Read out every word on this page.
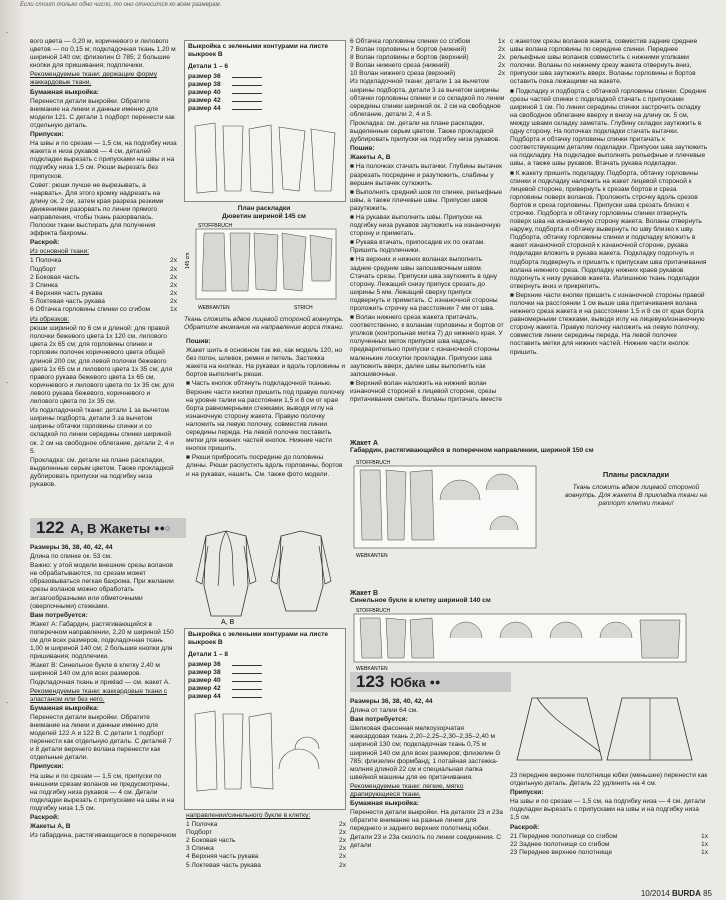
-
-
-
Если стоит только одно число, то оно относится ко всем размерам.

вого цвета — 0,20 м, коричневого и лилового цветов — по 0,15 м; подкладочная ткань 1,20 м шириной 140 см; флизелин G 785; 2 большие кнопки для пришивания; подплечики.

Рекомендуемые ткани: держащие форму жаккардовые ткани.

Бумажная выкройка:

Перенести детали выкройки. Обратите внимание на линии и данные именно для модели 121. С детали 1 подборт перенести как отдельную деталь.

Припуски:

На швы и по срезам — 1,5 см, на подгибку низа жакета и низа рукавов — 4 см, деталей подкладки вырезать с припусками на швы и на подгибку низа 1,5 см. Рюши вырезать без припусков.

Совет: рюши лучше не вырезывать, а «нарвать». Для этого кромку надрезать на длину ок. 2 см, затем края разреза резкими движениями разорвать по линии прямого направления, чтобы ткань разорвалась. Полоски ткани выстирать для получения эффекта бахромы.

Раскрой:

Из основной ткани:

1 Полочка	2x
Подборт	2x
2 Боковая часть	2x
3 Спинка	2x
4 Верхняя часть рукава	2x
5 Локтевая часть рукава	2x
6 Обтачка горловины спинки со сгибом	1x

Из обрезков:

рюши шириной по 6 см и длиной: для правой полочки бежевого цвета 1x 120 см, лилового цвета 2x 65 см; для горловины спинки и горловин полочек коричневого цвета общей длиной 200 см; для левой полочки бежевого цвета 1x 65 см и лилового цвета 1x 35 см; для правого рукава бежевого цвета 1x 65 см, коричневого и лилового цвета по 1x 35 см; для левого рукава бежевого, коричневого и лилового цвета по 1x 35 см.

Из подкладочной ткани: детали 1 за вычетом ширины подборта, детали 3 за вычетом ширины обтачки горловины спинки и со складкой по линии середины спинки шириной ок. 2 см на свободное облегание, детали 2, 4 и 5.

Прокладка: см. детали на плане раскладки, выделенные серым цветом. Также прокладкой дублировать припуски на подгибку низа рукавов.

122 А, В Жакеты ●●○
А, В

Размеры 36, 38, 40, 42, 44

Длина по спинке ок. 53 см.

Важно: у этой модели внешние срезы воланов не обрабатываются, по срезам может образовываться легкая бахрома. При желании срезы воланов можно обработать зигзагообразными или обметочными (оверлочными) стежками.

Вам потребуется:

Жакет А: Габардин, растягивающийся в поперечном направлении, 2,20 м шириной 150 см для всех размеров, подкладочная ткань 1,00 м шириной 140 см; 2 большие кнопки для пришивания; подплечики.

Жакет В: Синельное букле в клетку 2,40 м шириной 140 см для всех размеров. Подкладочная ткань и прикład — см. жакет А.

Рекомендуемые ткани: жаккардовые ткани с эластаном или без него.

Бумажная выкройка:

Перенести детали выкройки. Обратите внимание на линии и данные именно для моделей 122 А и 122 В. С детали 1 подборт перенести как отдельную деталь. С деталей 7 и 8 детали верхнего волана перенести как отдельные детали.

Припуски:

На швы и по срезам — 1,5 см, припуски по внешним срезам воланов не предусмотрены, на подгибку низа рукавов — 4 см. Детали подкладки вырезать с припусками на швы и на подгибку низа 1,5 см.

Раскрой:

Жакеты А, В

Из габардина, растягивающегося в поперечном

Выкройка с зелеными контурами на листе выкроек В
Детали 1 – 6
размер 36
размер 38
размер 40
размер 42
размер 44
План раскладки
Дюветин шириной 145 см
STOFFBRUCH
WEBKANTEN	STRICH
145 cm
Ткань сложить вдвое лицевой стороной вовнутрь. Обратите внимание на направление ворса ткани.

Пошив:

Жакет шить в основном так же, как модель 120, но без погон, шлевок, ремня и петель. Застежка жакета на кнопках. На рукавах и вдоль горловины и бортов выполнить рюши.

■ Часть кнопок обтянуть подкладочной тканью. Верхние части кнопки пришить под правую полочку на уровне талии на расстоянии 1,5 и 8 см от края борта равномерными стежками, выводя иглу на изнаночную сторону жакета. Правую полочку наложить на левую полочку, совместив линии середины переда. На левой полочке поставить метки для нижних частей кнопок. Нижние части кнопок пришить.

■ Рюши прибросить посредине до половины длины. Рюши распустить вдоль горловины, бортов и на рукавах, нашить. См. также фото модели.

Выкройка с зелеными контурами на листе выкроек В
Детали 1 – 8
размер 36
размер 38
размер 40
размер 42
размер 44

направлении/синельного букле в клетку:

1 Полочка	2x
Подборт	2x
2 Боковая часть	2x
3 Спинка	2x
4 Верхняя часть рукава	2x
5 Локтевая часть рукава	2x
6 Обтачка горловины спинки со сгибом	1x
7 Волан горловины и бортов (нижний)	2x
8 Волан горловины и бортов (верхний)	2x
9 Волан нижнего среза (нижний)	2x
10 Волан нижнего среза (верхний)	2x

Из подкладочной ткани: детали 1 за вычетом ширины подборта, детали 3 за вычетом ширины обтачки горловины спинки и со складкой по линии середины спинки шириной ок. 2 см на свободное облегание, детали 2, 4 и 5.

Прокладка: см. детали на плане раскладки, выделенные серым цветом. Также прокладкой дублировать припуски на подгибку низа рукавов.

Пошив:

Жакеты А, В

■ На полочках стачать вытачки. Глубины вытачек разрезать посредине и разутюжить, слабины у вершин вытачек сутюжить.

■ Выполнить средний шов по спинке, рельефные швы, а также плечевые швы. Припуски швов разутюжить.

■ На рукавах выполнить швы. Припуски на подгибку низа рукавов заутюжить на изнаночную сторону и приметать.

■ Рукава втачать, припосадив их по окатам. Пришить подплечники.

■ На верхних и нижних воланах выполнить задние средние швы запошивочным швом. Стачать срезы. Припуски шва заутюжить в одну сторону. Лежащий снизу припуск срезать до ширины 5 мм. Лежащий сверху припуск подвернуть и приметать. С изнаночной стороны проложить строчку на расстоянии 7 мм от шва.

■ Волан нижнего среза жакета притачать, соответственно, к воланам горловины и бортов от уголков (контрольная метка 7) до нижнего края. У полученных меток припуски шва надсечь, предварительно припуски с изнаночной стороны маленькие лоскутки прокладки. Припуски шва заутюжить вверх, далее швы выполнить как запошивочные.

■ Верхний волан наложить на нижний волан изнаночной стороной к лицевой стороне, срезы притачивания сметать. Воланы притачать вместе

с жакетом срезы воланов жакета, совместив задние средние швы волана горловины по середине спинки. Переднее рельефные швы воланов совместить с нижними уголками полочки. Воланы по нижнему срезу жакета отвернуть вниз, припуски шва заутюжить вверх. Воланы горловины и бортов оставить пока лежащими на жакете.

■ Подкладку и подборта с обтачкой горловины спинки. Средние срезы частей спинки с подкладкой стачать с припусками шириной 1 см. По линии середины спинки застрочить складку на свободное облегание вверху и внизу на длину ок. 5 см, между швами складку заметать. Глубину складки заутюжить в одну сторону. На полочках подкладки стачать вытачки. Подборта и обтачку горловины спинки притачать к соответствующим деталям подкладки. Припуски шва заутюжить на подкладку. На подкладке выполнить рельефные и плечевые швы, а также швы рукавов. Втачать рукава подкладки.

■ К жакету пришить подкладку. Подборта, обтачку горловины спинки и подкладку наложить на жакет лицевой стороной к лицевой стороне, привернуть к срезам бортов и среза горловины поверх воланов. Проложить строчку вдоль срезов бортов и среза горловины. Припуски шва срезать близко к строчке. Подборта и обтачку горловины спинки отвернуть поверх шва на изнаночную сторону жакета. Воланы отвернуть наружу, подборта и обтачку вывернуть по шву близко к шву. Подборта, обтачку горловины спинки и подкладку вложить в жакет изнаночной стороной к изнаночной стороне, рукава подкладки вложить в рукава жакета. Подкладку подогнуть и подборта подвернуть и пришить к припускам шва притачивания волана нижнего среза. Подкладку нижних краев рукавов подогнуть к низу рукавов жакета. Излишнюю ткань подкладки отвернуть вниз и прикрепить.

■ Верхние части кнопки пришить с изнаночной стороны правой полочки на расстоянии 1 см выше шва притачивания волана нижнего среза жакета и на расстоянии 1,5 и 8 см от края борта равномерными стежками, выводя иглу на лицевую/изнаночную сторону жакета. Правую полочку наложить на левую полочку, совместив линии середины переда. На левой полочке поставить метки для нижних частей. Нижние части кнопок пришить.

Жакет А
Габардин, растягивающийся в поперечном направлении, шириной 150 см
STOFFBRUCH
WEBKANTEN
Планы раскладки
Ткань сложить вдвое лицевой стороной вовнутрь. Для жакета В прикладка ткани на раппорт клетки ткани!
Жакет В
Синельное букле в клетку шириной 140 см
STOFFBRUCH
WEBKANTEN
123 Юбка ●●

Размеры 36, 38, 40, 42, 44

Длина от талии 64 см.

Вам потребуется:

Шелковая фасонная мелкоузорчатая жаккардовая ткань 2,20–2,25–2,30–2,35–2,40 м шириной 130 см; подкладочная ткань 0,75 м шириной 140 см для всех размеров; флизелин G 785; флизелин формбанд; 1 потайная застежка-молния длиной 22 см и специальная лапка швейной машины для ее притачивания.

Рекомендуемые ткани: легкие, мягко драпирующиеся ткани.

Бумажная выкройка:

Перенести детали выкройки. На деталях 23 и 23а обратите внимание на разные линии для переднего и заднего верхних полотнищ юбки. Детали 23 и 23а сколоть по линии соединения. С детали

23 переднее верхнее полотнище юбки (меньшее) перенести как отдельную деталь. Деталь 22 удлинить на 4 см.

Припуски:

На швы и по срезам — 1,5 см, на подгибку низа — 4 см, детали подкладки вырезать с припусками на швы и на подгибку низа 1,5 см.

Раскрой:

21 Переднее полотнище со сгибом	1x
22 Заднее полотнище со сгибом	1x
23 Переднее верхнее полотнище	1x
10/2014 BURDA 85
